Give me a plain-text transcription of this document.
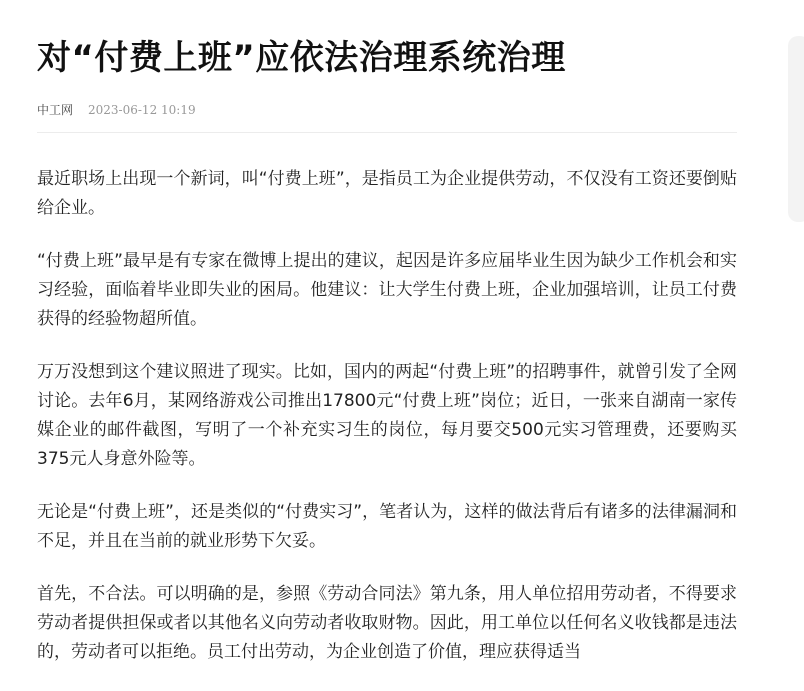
对“付费上班”应依法治理系统治理
中工网 2023-06-12 10:19

最近职场上出现一个新词，叫“付费上班”，是指员工为企业提供劳动，不仅没有工资还要倒贴给企业。

“付费上班”最早是有专家在微博上提出的建议，起因是许多应届毕业生因为缺少工作机会和实习经验，面临着毕业即失业的困局。他建议：让大学生付费上班，企业加强培训，让员工付费获得的经验物超所值。

万万没想到这个建议照进了现实。比如，国内的两起“付费上班”的招聘事件，就曾引发了全网讨论。去年6月，某网络游戏公司推出17800元“付费上班”岗位；近日，一张来自湖南一家传媒企业的邮件截图，写明了一个补充实习生的岗位，每月要交500元实习管理费，还要购买375元人身意外险等。

无论是“付费上班”，还是类似的“付费实习”，笔者认为，这样的做法背后有诸多的法律漏洞和不足，并且在当前的就业形势下欠妥。

首先，不合法。可以明确的是，参照《劳动合同法》第九条，用人单位招用劳动者，不得要求劳动者提供担保或者以其他名义向劳动者收取财物。因此，用工单位以任何名义收钱都是违法的，劳动者可以拒绝。员工付出劳动，为企业创造了价值，理应获得适当
